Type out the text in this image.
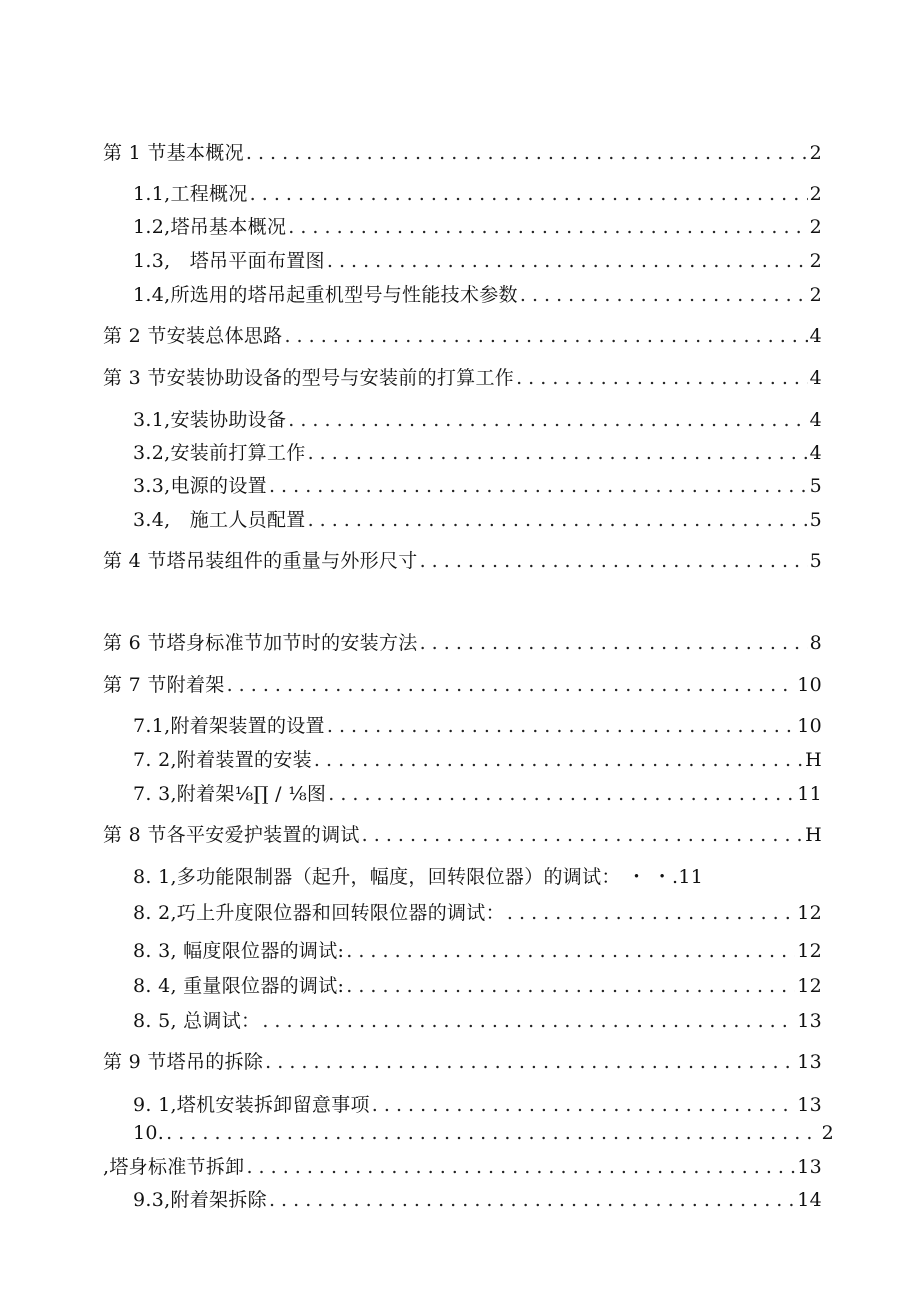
第 1 节基本概况 . . .	2
1.1,工程概况 . . .	2
1.2,塔吊基本概况 . . .	2
1.3,　塔吊平面布置图 . . .	2
1.4,所选用的塔吊起重机型号与性能技术参数 . . .	2
第 2 节安装总体思路 . . .	4
第 3 节安装协助设备的型号与安装前的打算工作 . . .	4
3.1,安装协助设备 . . .	4
3.2,安装前打算工作 . . .	4
3.3,电源的设置 . . .	5
3.4,　施工人员配置 . . .	5
第 4 节塔吊装组件的重量与外形尺寸 . . .	5
第 6 节塔身标准节加节时的安装方法 . . .	8
第 7 节附着架 . . .	10
7.1,附着架装置的设置 . . .	10
7. 2,附着装置的安装 . . .	H
7. 3,附着架⅛∏ / ⅛图 . . .	11
第 8 节各平安爱护装置的调试 . . .	H
8. 1,多功能限制器（起升，幅度，回转限位器）的调试： ・ ・ .11
8. 2,巧上升度限位器和回转限位器的调试： . . .	12
8. 3, 幅度限位器的调试: . . .	12
8. 4, 重量限位器的调试: . . .	12
8. 5, 总调试： . . .	13
第 9 节塔吊的拆除 . . .	13
9. 1,塔机安装拆卸留意事项 . . .	13
10. . . .	2
,塔身标准节拆卸 . . .	13
9.3,附着架拆除 . . .	14
